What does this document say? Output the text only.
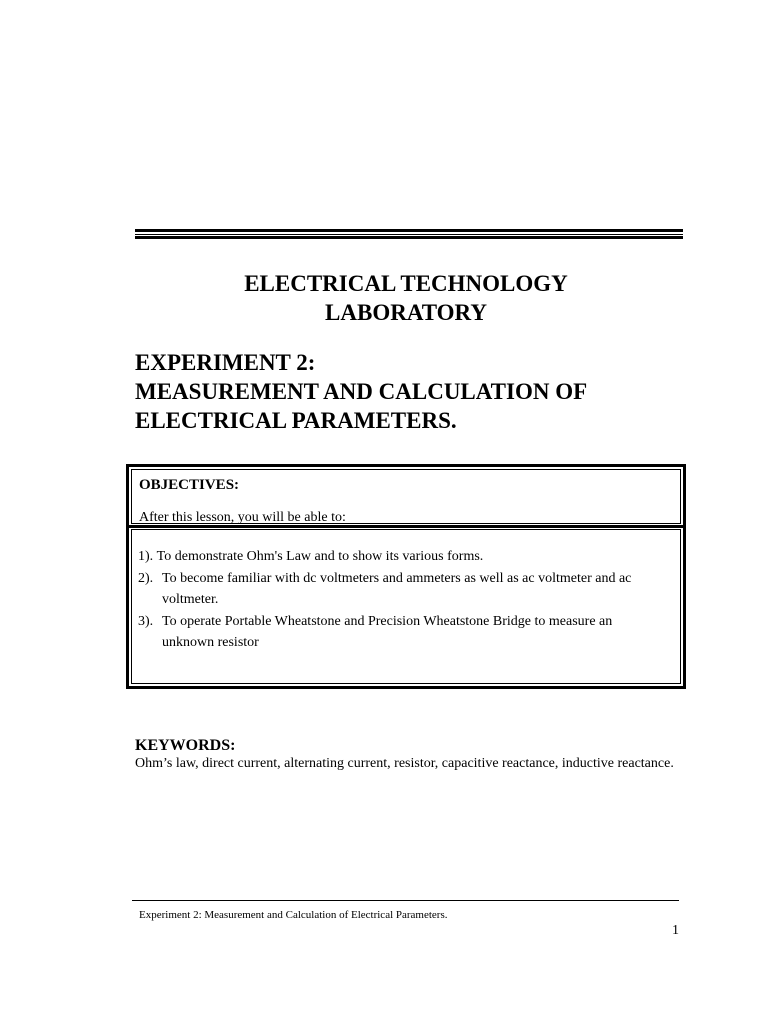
ELECTRICAL TECHNOLOGY
LABORATORY
EXPERIMENT 2:
MEASUREMENT AND CALCULATION OF
ELECTRICAL PARAMETERS.
OBJECTIVES:
After this lesson, you will be able to:
1).
To demonstrate Ohm's Law and to show its various forms.
2). To become familiar with dc voltmeters and ammeters as well as ac voltmeter and ac
voltmeter.
3). To operate Portable Wheatstone and Precision Wheatstone Bridge to measure an
unknown resistor
KEYWORDS:
Ohm’s law, direct current, alternating current, resistor, capacitive reactance, inductive reactance.
Experiment 2: Measurement and Calculation of Electrical Parameters.
1
